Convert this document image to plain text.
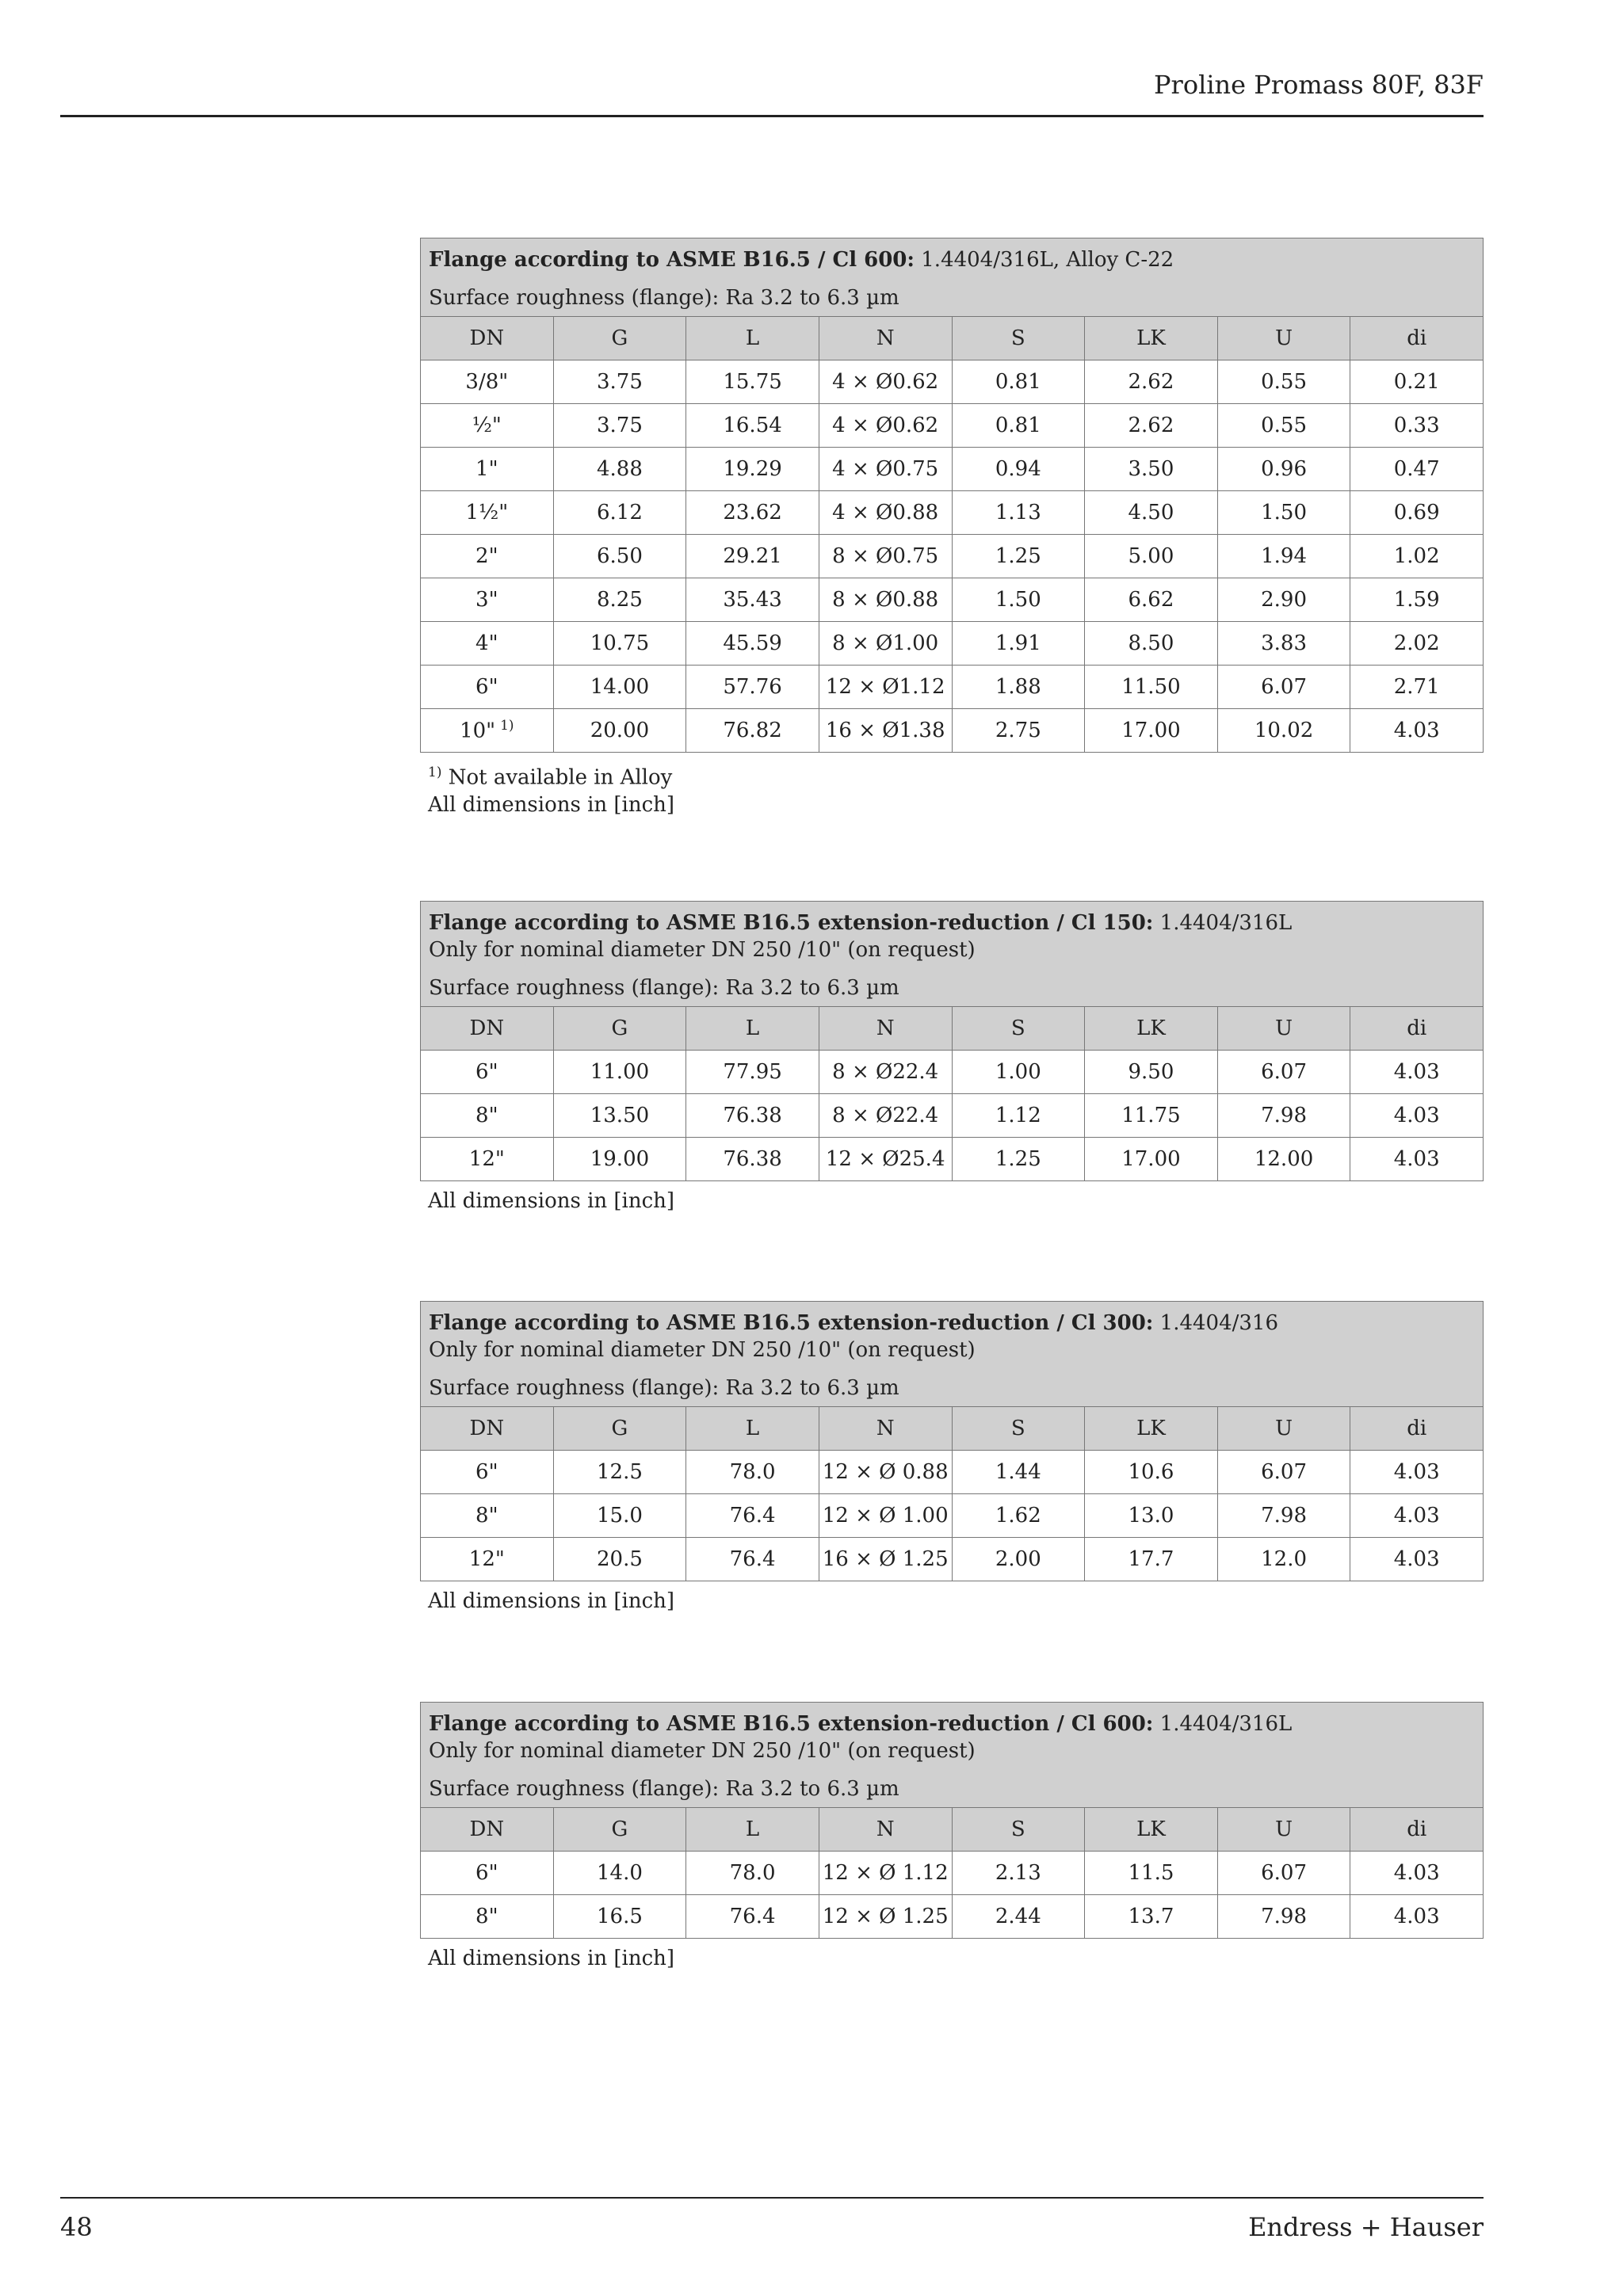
Proline Promass 80F, 83F
Flange according to ASME B16.5 / Cl 600: 1.4404/316L, Alloy C-22
Surface roughness (flange): Ra 3.2 to 6.3 µm
DN	G	L	N	S	LK	U	di
3/8"	3.75	15.75	4 × Ø0.62	0.81	2.62	0.55	0.21
½"	3.75	16.54	4 × Ø0.62	0.81	2.62	0.55	0.33
1"	4.88	19.29	4 × Ø0.75	0.94	3.50	0.96	0.47
1½"	6.12	23.62	4 × Ø0.88	1.13	4.50	1.50	0.69
2"	6.50	29.21	8 × Ø0.75	1.25	5.00	1.94	1.02
3"	8.25	35.43	8 × Ø0.88	1.50	6.62	2.90	1.59
4"	10.75	45.59	8 × Ø1.00	1.91	8.50	3.83	2.02
6"	14.00	57.76	12 × Ø1.12	1.88	11.50	6.07	2.71
10" $^{1)}$	20.00	76.82	16 × Ø1.38	2.75	17.00	10.02	4.03
$^{1)}$ Not available in Alloy
All dimensions in [inch]
Flange according to ASME B16.5 extension-reduction / Cl 150: 1.4404/316L
Only for nominal diameter DN 250 /10" (on request)
Surface roughness (flange): Ra 3.2 to 6.3 µm
DN	G	L	N	S	LK	U	di
6"	11.00	77.95	8 × Ø22.4	1.00	9.50	6.07	4.03
8"	13.50	76.38	8 × Ø22.4	1.12	11.75	7.98	4.03
12"	19.00	76.38	12 × Ø25.4	1.25	17.00	12.00	4.03
All dimensions in [inch]
Flange according to ASME B16.5 extension-reduction / Cl 300: 1.4404/316
Only for nominal diameter DN 250 /10" (on request)
Surface roughness (flange): Ra 3.2 to 6.3 µm
DN	G	L	N	S	LK	U	di
6"	12.5	78.0	12 × Ø 0.88	1.44	10.6	6.07	4.03
8"	15.0	76.4	12 × Ø 1.00	1.62	13.0	7.98	4.03
12"	20.5	76.4	16 × Ø 1.25	2.00	17.7	12.0	4.03
All dimensions in [inch]
Flange according to ASME B16.5 extension-reduction / Cl 600: 1.4404/316L
Only for nominal diameter DN 250 /10" (on request)
Surface roughness (flange): Ra 3.2 to 6.3 µm
DN	G	L	N	S	LK	U	di
6"	14.0	78.0	12 × Ø 1.12	2.13	11.5	6.07	4.03
8"	16.5	76.4	12 × Ø 1.25	2.44	13.7	7.98	4.03
All dimensions in [inch]
48	Endress + Hauser
